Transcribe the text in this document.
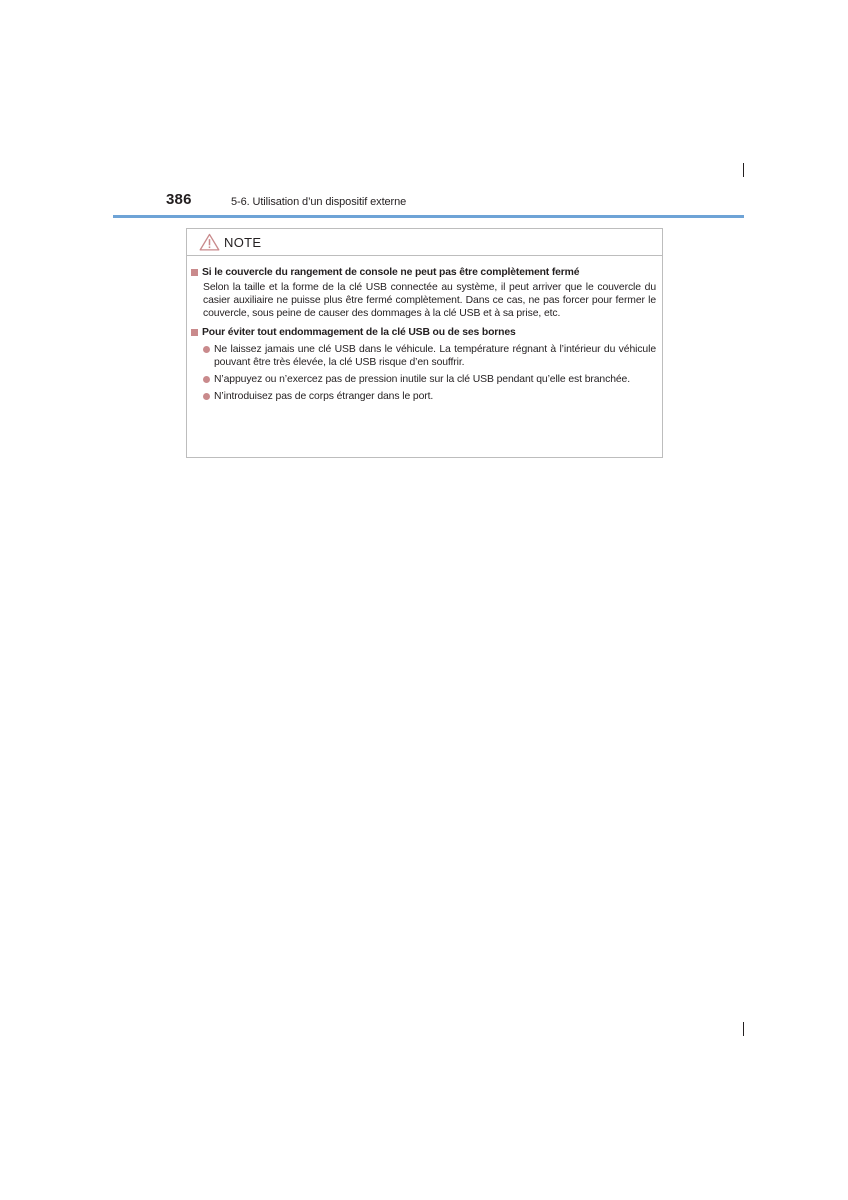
386	5-6. Utilisation d’un dispositif externe
NOTE
Si le couvercle du rangement de console ne peut pas être complètement fermé
Selon la taille et la forme de la clé USB connectée au système, il peut arriver que le couvercle du casier auxiliaire ne puisse plus être fermé complètement. Dans ce cas, ne pas forcer pour fermer le couvercle, sous peine de causer des dommages à la clé USB et à sa prise, etc.
Pour éviter tout endommagement de la clé USB ou de ses bornes
Ne laissez jamais une clé USB dans le véhicule. La température régnant à l’intérieur du véhicule pouvant être très élevée, la clé USB risque d’en souffrir.
N’appuyez ou n’exercez pas de pression inutile sur la clé USB pendant qu’elle est branchée.
N’introduisez pas de corps étranger dans le port.
